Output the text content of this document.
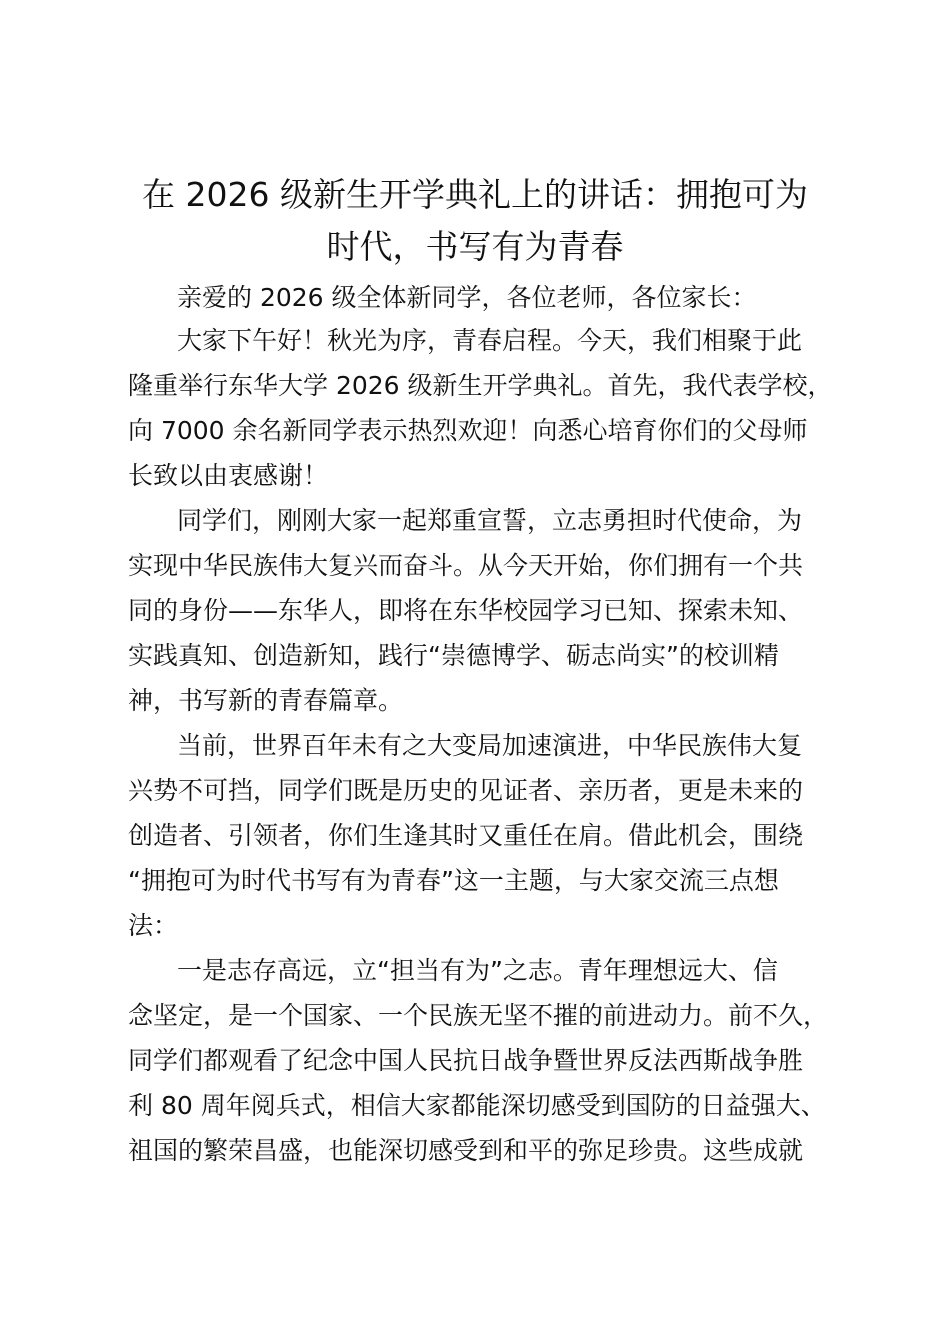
在 2026 级新生开学典礼上的讲话：拥抱可为
时代，书写有为青春

亲爱的 2026 级全体新同学，各位老师，各位家长：

大家下午好！秋光为序，青春启程。今天，我们相聚于此

隆重举行东华大学 2026 级新生开学典礼。首先，我代表学校，

向 7000 余名新同学表示热烈欢迎！向悉心培育你们的父母师

长致以由衷感谢！

同学们，刚刚大家一起郑重宣誓，立志勇担时代使命，为

实现中华民族伟大复兴而奋斗。从今天开始，你们拥有一个共

同的身份——东华人，即将在东华校园学习已知、探索未知、

实践真知、创造新知，践行“崇德博学、砺志尚实”的校训精

神，书写新的青春篇章。

当前，世界百年未有之大变局加速演进，中华民族伟大复

兴势不可挡，同学们既是历史的见证者、亲历者，更是未来的

创造者、引领者，你们生逢其时又重任在肩。借此机会，围绕

“拥抱可为时代书写有为青春”这一主题，与大家交流三点想

法：

一是志存高远，立“担当有为”之志。青年理想远大、信

念坚定，是一个国家、一个民族无坚不摧的前进动力。前不久，

同学们都观看了纪念中国人民抗日战争暨世界反法西斯战争胜

利 80 周年阅兵式，相信大家都能深切感受到国防的日益强大、

祖国的繁荣昌盛，也能深切感受到和平的弥足珍贵。这些成就
